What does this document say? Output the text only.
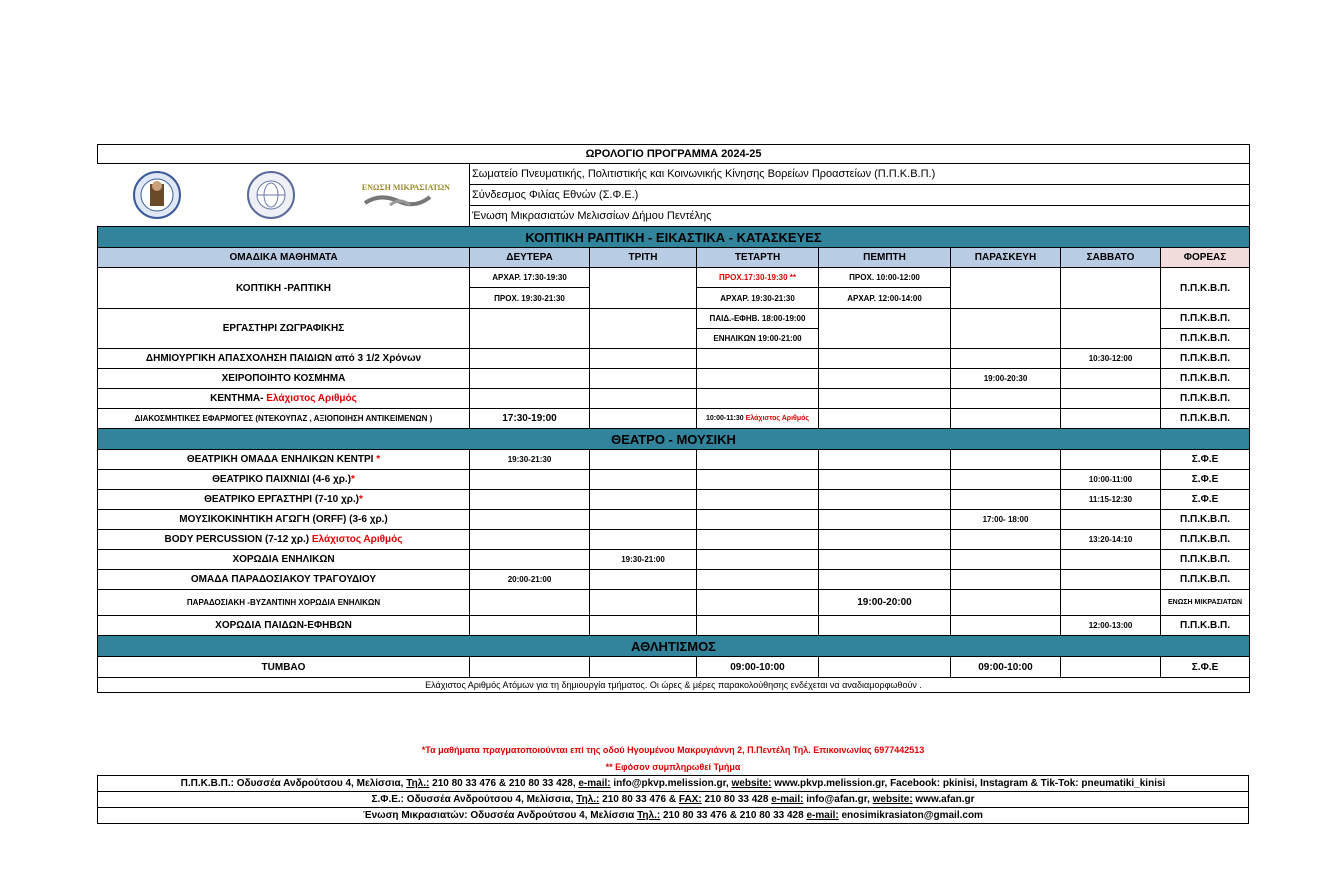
ΩΡΟΛΟΓΙΟ ΠΡΟΓΡΑΜΜΑ 2024-25							

ΕΝΩΣΗ ΜΙΚΡΑΣΙΑΤΩΝ	Σωματείο Πνευματικής, Πολιτιστικής και Κοινωνικής Κίνησης Βορείων Προαστείων (Π.Π.Κ.Β.Π.)						
	Σύνδεσμος Φιλίας Εθνών (Σ.Φ.Ε.)						
	Ένωση Μικρασιατών Μελισσίων Δήμου Πεντέλης						
ΚΟΠΤΙΚΗ ΡΑΠΤΙΚΗ - ΕΙΚΑΣΤΙΚΑ - ΚΑΤΑΣΚΕΥΕΣ							
ΟΜΑΔΙΚΑ ΜΑΘΗΜΑΤΑ	ΔΕΥΤΕΡΑ	ΤΡΙΤΗ	ΤΕΤΑΡΤΗ	ΠΕΜΠΤΗ	ΠΑΡΑΣΚΕΥΗ	ΣΑΒΒΑΤΟ	ΦΟΡΕΑΣ
ΚΟΠΤΙΚΗ -ΡΑΠΤΙΚΗ	ΑΡΧΑΡ. 17:30-19:30		ΠΡΟΧ.17:30-19:30 **	ΠΡΟΧ. 10:00-12:00			Π.Π.Κ.Β.Π.
	ΠΡΟΧ. 19:30-21:30		ΑΡΧΑΡ. 19:30-21:30	ΑΡΧΑΡ. 12:00-14:00			
ΕΡΓΑΣΤΗΡΙ ΖΩΓΡΑΦΙΚΗΣ			ΠΑΙΔ.-ΕΦΗΒ. 18:00-19:00				Π.Π.Κ.Β.Π.
			ΕΝΗΛΙΚΩΝ 19:00-21:00				Π.Π.Κ.Β.Π.
ΔΗΜΙΟΥΡΓΙΚΗ ΑΠΑΣΧΟΛΗΣΗ ΠΑΙΔΙΩΝ από 3 1/2 Χρόνων						10:30-12:00	Π.Π.Κ.Β.Π.
ΧΕΙΡΟΠΟΙΗΤΟ ΚΟΣΜΗΜΑ					19:00-20:30		Π.Π.Κ.Β.Π.
ΚΕΝΤΗΜΑ- Ελάχιστος Αριθμός							Π.Π.Κ.Β.Π.
ΔΙΑΚΟΣΜΗΤΙΚΕΣ ΕΦΑΡΜΟΓΕΣ (ΝΤΕΚΟΥΠΑΖ , ΑΞΙΟΠΟΙΗΣΗ ΑΝΤΙΚΕΙΜΕΝΩΝ )	17:30-19:00		10:00-11:30 Ελάχιστος Αριθμός				Π.Π.Κ.Β.Π.
ΘΕΑΤΡΟ - ΜΟΥΣΙΚΗ							
ΘΕΑΤΡΙΚΗ ΟΜΑΔΑ ΕΝΗΛΙΚΩΝ ΚΕΝΤΡΙ *	19:30-21:30						Σ.Φ.Ε
ΘΕΑΤΡΙΚΟ ΠΑΙΧΝΙΔΙ (4-6 χρ.)*						10:00-11:00	Σ.Φ.Ε
ΘΕΑΤΡΙΚΟ ΕΡΓΑΣΤΗΡΙ (7-10 χρ.)*						11:15-12:30	Σ.Φ.Ε
ΜΟΥΣΙΚΟΚΙΝΗΤΙΚΗ ΑΓΩΓΗ (ORFF) (3-6 χρ.)					17:00- 18:00		Π.Π.Κ.Β.Π.
BODY PERCUSSION (7-12 χρ.) Ελάχιστος Αριθμός						13:20-14:10	Π.Π.Κ.Β.Π.
ΧΟΡΩΔΙΑ ΕΝΗΛΙΚΩΝ		19:30-21:00					Π.Π.Κ.Β.Π.
ΟΜΑΔΑ ΠΑΡΑΔΟΣΙΑΚΟΥ ΤΡΑΓΟΥΔΙΟΥ	20:00-21:00						Π.Π.Κ.Β.Π.
ΠΑΡΑΔΟΣΙΑΚΗ -ΒΥΖΑΝΤΙΝΗ ΧΟΡΩΔΙΑ ΕΝΗΛΙΚΩΝ				19:00-20:00			ΕΝΩΣΗ ΜΙΚΡΑΣΙΑΤΩΝ
ΧΟΡΩΔΙΑ ΠΑΙΔΩΝ-ΕΦΗΒΩΝ						12:00-13:00	Π.Π.Κ.Β.Π.
ΑΘΛΗΤΙΣΜΟΣ							
TUMBAO			09:00-10:00		09:00-10:00		Σ.Φ.Ε
Ελάχιστος Αριθμός Ατόμων για τη δημιουργία τμήματος. Οι ώρες & μέρες παρακολούθησης ενδέχεται να αναδιαμορφωθούν .							
*Τα μαθήματα πραγματοποιούνται επί της οδού Ηγουμένου Μακρυγιάννη 2, Π.Πεντέλη Τηλ. Επικοινωνίας 6977442513
** Εφόσον συμπληρωθεί Τμήμα
Π.Π.Κ.Β.Π.: Οδυσσέα Ανδρούτσου 4, Μελίσσια, Τηλ.: 210 80 33 476 & 210 80 33 428, e-mail: info@pkvp.melission.gr, website: www.pkvp.melission.gr, Facebook: pkinisi, Instagram & Tik-Tok: pneumatiki_kinisi
Σ.Φ.Ε.: Οδυσσέα Ανδρούτσου 4, Μελίσσια, Τηλ.: 210 80 33 476 & FAX: 210 80 33 428 e-mail: info@afan.gr, website: www.afan.gr
Ένωση Μικρασιατών: Οδυσσέα Ανδρούτσου 4, Μελίσσια Τηλ.: 210 80 33 476 & 210 80 33 428 e-mail: enosimikrasiaton@gmail.com
